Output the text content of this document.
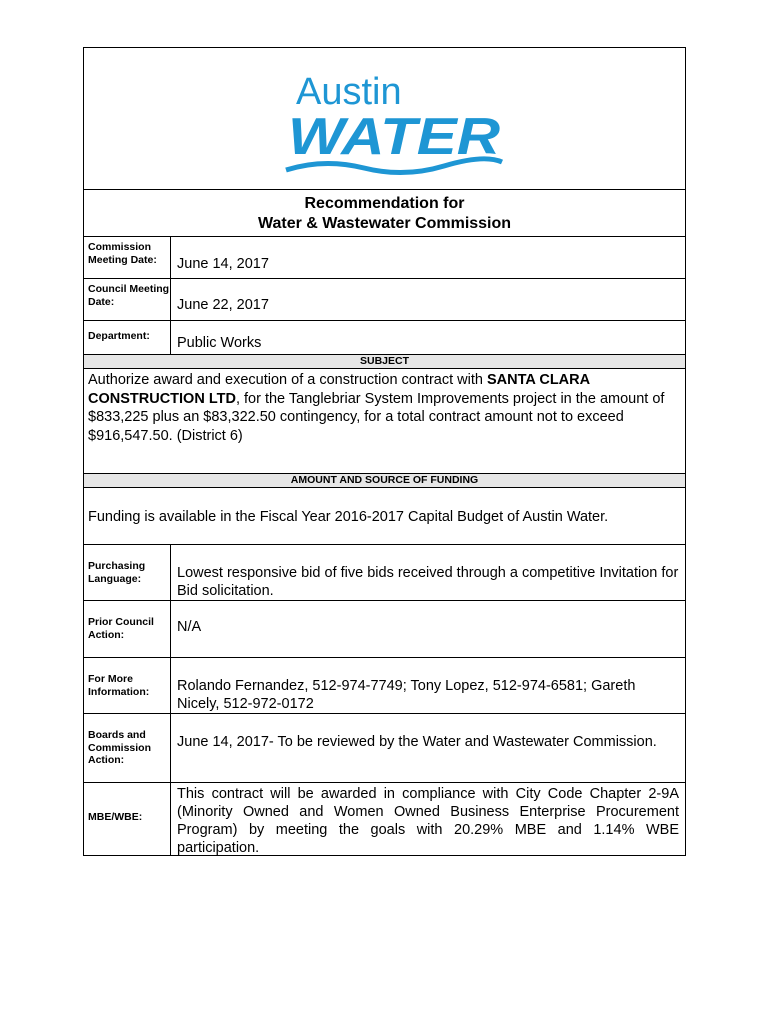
Austin
WATER
Recommendation for
Water & Wastewater Commission
Commission Meeting Date:	June 14, 2017
Council Meeting Date:	June 22, 2017
Department:	Public Works
SUBJECT
Authorize award and execution of a construction contract with SANTA CLARA CONSTRUCTION LTD, for the Tanglebriar System Improvements project in the amount of $833,225 plus an $83,322.50 contingency, for a total contract amount not to exceed $916,547.50. (District 6)
AMOUNT AND SOURCE OF FUNDING
Funding is available in the Fiscal Year 2016-2017 Capital Budget of Austin Water.
Purchasing Language:	Lowest responsive bid of five bids received through a competitive Invitation for Bid solicitation.
Prior Council Action:	N/A
For More Information:	Rolando Fernandez, 512-974-7749; Tony Lopez, 512-974-6581; Gareth Nicely, 512-972-0172
Boards and Commission Action:
June 14, 2017- To be reviewed by the Water and Wastewater Commission.
MBE/WBE:
This contract will be awarded in compliance with City Code Chapter 2-9A (Minority Owned and Women Owned Business Enterprise Procurement Program) by meeting the goals with 20.29% MBE and 1.14% WBE participation.
